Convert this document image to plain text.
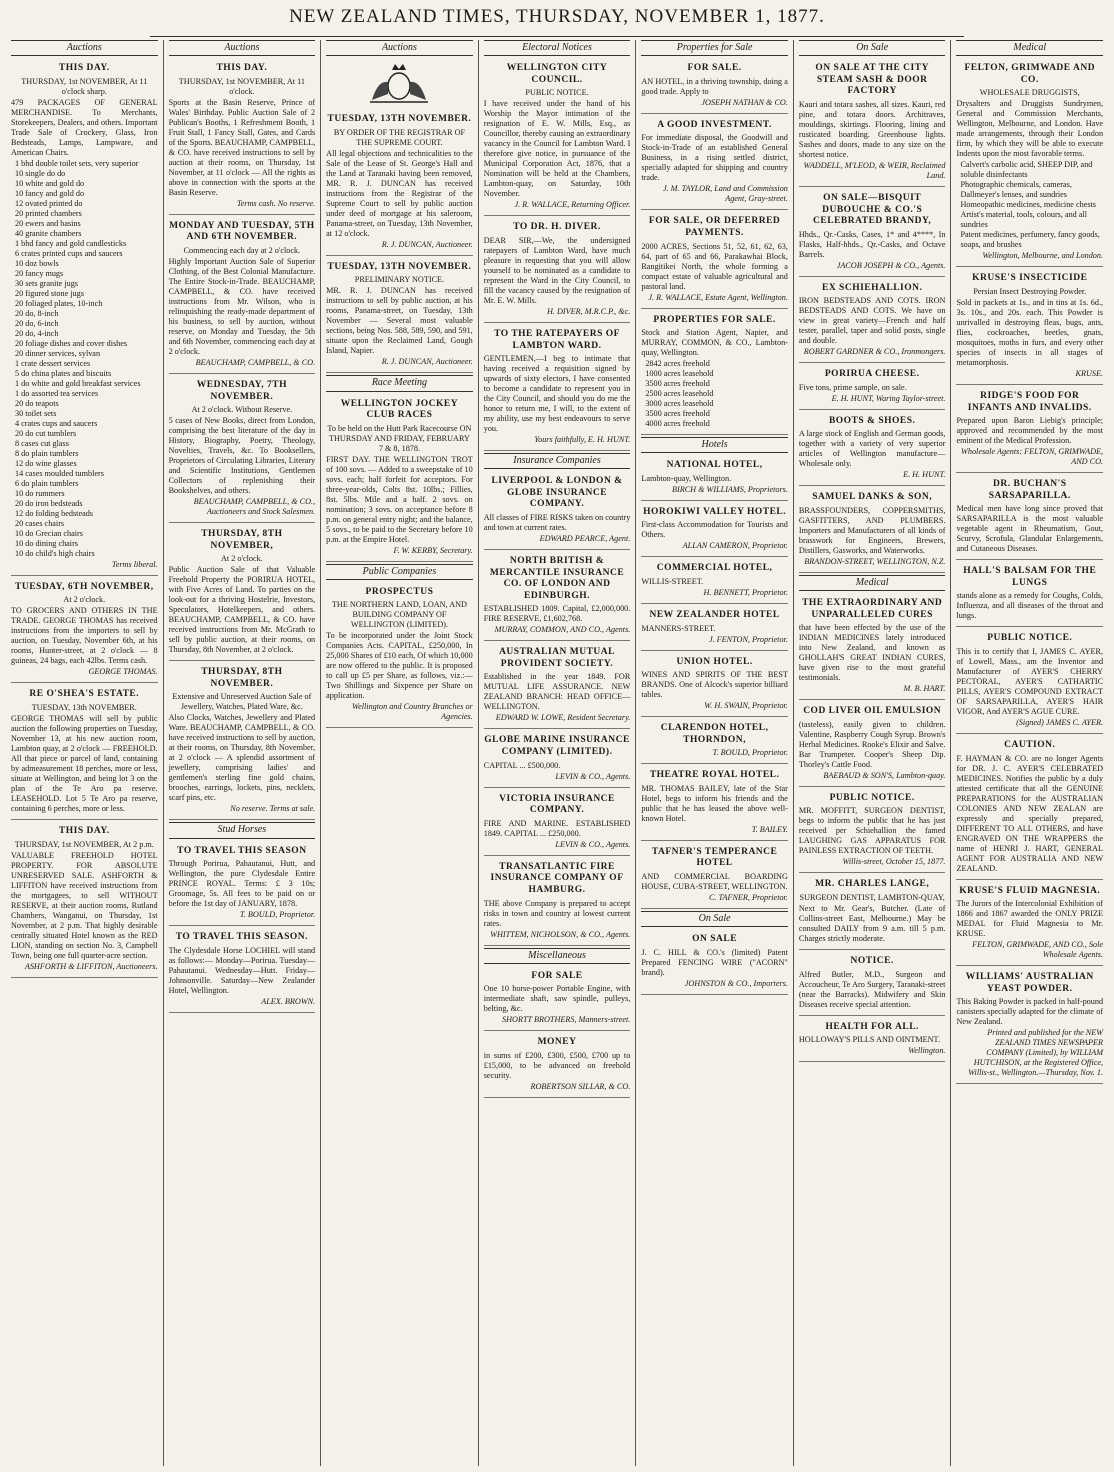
NEW ZEALAND TIMES, THURSDAY, NOVEMBER 1, 1877.
Auctions
THIS DAY.
THURSDAY, 1st NOVEMBER, At 11 o'clock sharp.
479 PACKAGES OF GENERAL MERCHANDISE. To Merchants, Storekeepers, Dealers, and others. Important Trade Sale of Crockery, Glass, Iron Bedsteads, Lamps, Lampware, and American Chairs.
1 bhd double toilet sets, very superior
10 single do do
10 white and gold do
10 fancy and gold do
12 ovated printed do
20 printed chambers
20 ewers and basins
40 granite chambers
1 bhd fancy and gold candlesticks
6 crates printed cups and saucers
10 doz bowls
20 fancy mugs
30 sets granite jugs
20 figured stone jugs
20 foliaged plates, 10-inch
20 do, 8-inch
20 do, 6-inch
20 do, 4-inch
20 foliage dishes and cover dishes
20 dinner services, sylvan
1 crate dessert services
5 do china plates and biscuits
1 do white and gold breakfast services
1 do assorted tea services
20 do teapots
30 toilet sets
4 crates cups and saucers
20 do cut tumblers
8 cases cut glass
8 do plain tumblers
12 do wine glasses
14 cases moulded tumblers
6 do plain tumblers
10 do rummers
20 do iron bedsteads
12 do folding bedsteads
20 cases chairs
10 do Grecian chairs
10 do dining chairs
10 do child's high chairs
Terms liberal.
TUESDAY, 6TH NOVEMBER,
At 2 o'clock.
TO GROCERS AND OTHERS IN THE TRADE. GEORGE THOMAS has received instructions from the importers to sell by auction, on Tuesday, November 6th, at his rooms, Hunter-street, at 2 o'clock — 8 guineas, 24 bags, each 42lbs. Terms cash.
GEORGE THOMAS.
RE O'SHEA'S ESTATE.
TUESDAY, 13th NOVEMBER.
GEORGE THOMAS will sell by public auction the following properties on Tuesday, November 13, at his new auction room, Lambton quay, at 2 o'clock — FREEHOLD. All that piece or parcel of land, containing by admeasurement 18 perches, more or less, situate at Wellington, and being lot 3 on the plan of the Te Aro pa reserve. LEASEHOLD. Lot 5 Te Aro pa reserve, containing 6 perches, more or less.
THIS DAY.
THURSDAY, 1st NOVEMBER, At 2 p.m.
VALUABLE FREEHOLD HOTEL PROPERTY. FOR ABSOLUTE UNRESERVED SALE. ASHFORTH & LIFFITON have received instructions from the mortgagees, to sell WITHOUT RESERVE, at their auction rooms, Rutland Chambers, Wanganui, on Thursday, 1st November, at 2 p.m. That highly desirable centrally situated Hotel known as the RED LION, standing on section No. 3, Campbell Town, being one full quarter-acre section.
ASHFORTH & LIFFITON, Auctioneers.
Auctions
THIS DAY.
THURSDAY, 1st NOVEMBER, At 11 o'clock.
Sports at the Basin Reserve, Prince of Wales' Birthday. Public Auction Sale of 2 Publican's Booths, 1 Refreshment Booth, 1 Fruit Stall, 1 Fancy Stall, Gates, and Cards of the Sports. BEAUCHAMP, CAMPBELL, & CO. have received instructions to sell by auction at their rooms, on Thursday, 1st November, at 11 o'clock — All the rights as above in connection with the sports at the Basin Reserve.
Terms cash. No reserve.
MONDAY AND TUESDAY, 5TH AND 6TH NOVEMBER.
Commencing each day at 2 o'clock.
Highly Important Auction Sale of Superior Clothing, of the Best Colonial Manufacture. The Entire Stock-in-Trade. BEAUCHAMP, CAMPBELL, & CO. have received instructions from Mr. Wilson, who is relinquishing the ready-made department of his business, to sell by auction, without reserve, on Monday and Tuesday, the 5th and 6th November, commencing each day at 2 o'clock.
BEAUCHAMP, CAMPBELL, & CO.
WEDNESDAY, 7TH NOVEMBER.
At 2 o'clock. Without Reserve.
5 cases of New Books, direct from London, comprising the best literature of the day in History, Biography, Poetry, Theology, Novelties, Travels, &c. To Booksellers, Proprietors of Circulating Libraries, Literary and Scientific Institutions, Gentlemen Collectors of replenishing their Bookshelves, and others.
BEAUCHAMP, CAMPBELL, & CO., Auctioneers and Stock Salesmen.
THURSDAY, 8TH NOVEMBER,
At 2 o'clock.
Public Auction Sale of that Valuable Freehold Property the PORIRUA HOTEL, with Five Acres of Land. To parties on the look-out for a thriving Hostelrie, Investors, Speculators, Hotelkeepers, and others. BEAUCHAMP, CAMPBELL, & CO. have received instructions from Mr. McGrath to sell by public auction, at their rooms, on Thursday, 8th November, at 2 o'clock.
THURSDAY, 8TH NOVEMBER.
Extensive and Unreserved Auction Sale of Jewellery, Watches, Plated Ware, &c.
Also Clocks, Watches, Jewellery and Plated Ware. BEAUCHAMP, CAMPBELL, & CO. have received instructions to sell by auction, at their rooms, on Thursday, 8th November, at 2 o'clock — A splendid assortment of jewellery, comprising ladies' and gentlemen's sterling fine gold chains, brooches, earrings, lockets, pins, necklets, scarf pins, etc.
No reserve. Terms at sale.
Stud Horses
TO TRAVEL THIS SEASON
Through Porirua, Pahautanui, Hutt, and Wellington, the pure Clydesdale Entire PRINCE ROYAL. Terms: £ 3 10s; Groomage, 5s. All fees to be paid on or before the 1st day of JANUARY, 1878.
T. BOULD, Proprietor.
TO TRAVEL THIS SEASON.
The Clydesdale Horse LOCHIEL will stand as follows:— Monday—Porirua. Tuesday—Pahautanui. Wednesday—Hutt. Friday—Johnsonville. Saturday—New Zealander Hotel, Wellington.
ALEX. BROWN.
Auctions
TUESDAY, 13TH NOVEMBER.
BY ORDER OF THE REGISTRAR OF THE SUPREME COURT.
All legal objections and technicalities to the Sale of the Lease of St. George's Hall and the Land at Taranaki having been removed, MR. R. J. DUNCAN has received instructions from the Registrar of the Supreme Court to sell by public auction under deed of mortgage at his saleroom, Panama-street, on Tuesday, 13th November, at 12 o'clock.
R. J. DUNCAN, Auctioneer.
TUESDAY, 13TH NOVEMBER.
PRELIMINARY NOTICE.
MR. R. J. DUNCAN has received instructions to sell by public auction, at his rooms, Panama-street, on Tuesday, 13th November — Several most valuable sections, being Nos. 588, 589, 590, and 591, situate upon the Reclaimed Land, Gough Island, Napier.
R. J. DUNCAN, Auctioneer.
Race Meeting
WELLINGTON JOCKEY CLUB RACES
To be held on the Hutt Park Racecourse ON THURSDAY AND FRIDAY, FEBRUARY 7 & 8, 1878.
FIRST DAY. THE WELLINGTON TROT of 100 sovs. — Added to a sweepstake of 10 sovs. each; half forfeit for acceptors. For three-year-olds, Colts 8st. 10lbs.; Fillies, 8st. 5lbs. Mile and a half. 2 sovs. on nomination; 3 sovs. on acceptance before 8 p.m. on general entry night; and the balance, 5 sovs., to be paid to the Secretary before 10 p.m. at the Empire Hotel.
F. W. KERBY, Secretary.
Public Companies
PROSPECTUS
THE NORTHERN LAND, LOAN, AND BUILDING COMPANY OF WELLINGTON (LIMITED).
To be incorporated under the Joint Stock Companies Acts. CAPITAL, £250,000, In 25,000 Shares of £10 each, Of which 10,000 are now offered to the public. It is proposed to call up £5 per Share, as follows, viz.:—Two Shillings and Sixpence per Share on application.
Wellington and Country Branches or Agencies.
Electoral Notices
WELLINGTON CITY COUNCIL.
PUBLIC NOTICE.
I have received under the hand of his Worship the Mayor intimation of the resignation of E. W. Mills, Esq., as Councillor, thereby causing an extraordinary vacancy in the Council for Lambton Ward. I therefore give notice, in pursuance of the Municipal Corporation Act, 1876, that a Nomination will be held at the Chambers, Lambton-quay, on Saturday, 10th November.
J. R. WALLACE, Returning Officer.
TO DR. H. DIVER.
DEAR SIR,—We, the undersigned ratepayers of Lambton Ward, have much pleasure in requesting that you will allow yourself to be nominated as a candidate to represent the Ward in the City Council, to fill the vacancy caused by the resignation of Mr. E. W. Mills.
H. DIVER, M.R.C.P., &c.
TO THE RATEPAYERS OF LAMBTON WARD.
GENTLEMEN,—I beg to intimate that having received a requisition signed by upwards of sixty electors, I have consented to become a candidate to represent you in the City Council, and should you do me the honor to return me, I will, to the extent of my ability, use my best endeavours to serve you.
Yours faithfully, E. H. HUNT.
Insurance Companies
LIVERPOOL & LONDON & GLOBE INSURANCE COMPANY.
All classes of FIRE RISKS taken on country and town at current rates.
EDWARD PEARCE, Agent.
NORTH BRITISH & MERCANTILE INSURANCE CO. OF LONDON AND EDINBURGH.
ESTABLISHED 1809. Capital, £2,000,000. FIRE RESERVE, £1,602,768.
MURRAY, COMMON, AND CO., Agents.
AUSTRALIAN MUTUAL PROVIDENT SOCIETY.
Established in the year 1849. FOR MUTUAL LIFE ASSURANCE. NEW ZEALAND BRANCH: HEAD OFFICE—WELLINGTON.
EDWARD W. LOWE, Resident Secretary.
GLOBE MARINE INSURANCE COMPANY (LIMITED).
CAPITAL ... £500,000.
LEVIN & CO., Agents.
VICTORIA INSURANCE COMPANY.
FIRE AND MARINE. ESTABLISHED 1849. CAPITAL ... £250,000.
LEVIN & CO., Agents.
TRANSATLANTIC FIRE INSURANCE COMPANY OF HAMBURG.
THE above Company is prepared to accept risks in town and country at lowest current rates.
WHITTEM, NICHOLSON, & CO., Agents.
Miscellaneous
FOR SALE
One 10 horse-power Portable Engine, with intermediate shaft, saw spindle, pulleys, belting, &c.
SHORTT BROTHERS, Manners-street.
MONEY
in sums of £200, £300, £500, £700 up to £15,000, to be advanced on freehold security.
ROBERTSON SILLAR, & CO.
Properties for Sale
FOR SALE.
AN HOTEL, in a thriving township, doing a good trade. Apply to
JOSEPH NATHAN & CO.
A GOOD INVESTMENT.
For immediate disposal, the Goodwill and Stock-in-Trade of an established General Business, in a rising settled district, specially adapted for shipping and country trade.
J. M. TAYLOR, Land and Commission Agent, Gray-street.
FOR SALE, OR DEFERRED PAYMENTS.
2000 ACRES, Sections 51, 52, 61, 62, 63, 64, part of 65 and 66, Parakawhai Block, Rangitikei North, the whole forming a compact estate of valuable agricultural and pastoral land.
J. R. WALLACE, Estate Agent, Wellington.
PROPERTIES FOR SALE.
Stock and Station Agent, Napier, and MURRAY, COMMON, & CO., Lambton-quay, Wellington.
2842 acres freehold
1000 acres leasehold
3500 acres freehold
2500 acres leasehold
3000 acres leasehold
3500 acres freehold
4000 acres freehold
Hotels
NATIONAL HOTEL,
Lambton-quay, Wellington.
BIRCH & WILLIAMS, Proprietors.
HOROKIWI VALLEY HOTEL.
First-class Accommodation for Tourists and Others.
ALLAN CAMERON, Proprietor.
COMMERCIAL HOTEL,
WILLIS-STREET.
H. BENNETT, Proprietor.
NEW ZEALANDER HOTEL
MANNERS-STREET.
J. FENTON, Proprietor.
UNION HOTEL.
WINES AND SPIRITS OF THE BEST BRANDS. One of Alcock's superior billiard tables.
W. H. SWAIN, Proprietor.
CLARENDON HOTEL, THORNDON,
T. BOULD, Proprietor.
THEATRE ROYAL HOTEL.
MR. THOMAS BAILEY, late of the Star Hotel, begs to inform his friends and the public that he has leased the above well-known Hotel.
T. BAILEY.
TAFNER'S TEMPERANCE HOTEL
AND COMMERCIAL BOARDING HOUSE, CUBA-STREET, WELLINGTON.
C. TAFNER, Proprietor.
On Sale
ON SALE
J. C. HILL & CO.'s (limited) Patent Prepared FENCING WIRE ("ACORN" brand).
JOHNSTON & CO., Importers.
On Sale
ON SALE AT THE CITY STEAM SASH & DOOR FACTORY
Kauri and totara sashes, all sizes. Kauri, red pine, and totara doors. Architraves, mouldings, skirtings. Flooring, lining and rusticated boarding. Greenhouse lights. Sashes and doors, made to any size on the shortest notice.
WADDELL, M'LEOD, & WEIR, Reclaimed Land.
ON SALE—BISQUIT DUBOUCHE & CO.'S CELEBRATED BRANDY,
Hhds., Qr.-Casks, Cases, 1* and 4****, In Flasks, Half-hhds., Qr.-Casks, and Octave Barrels.
JACOB JOSEPH & CO., Agents.
EX SCHIEHALLION.
IRON BEDSTEADS AND COTS. IRON BEDSTEADS AND COTS. We have on view in great variety—French and half tester, parallel, taper and solid posts, single and double.
ROBERT GARDNER & CO., Ironmongers.
PORIRUA CHEESE.
Five tons, prime sample, on sale.
E. H. HUNT, Waring Taylor-street.
BOOTS & SHOES.
A large stock of English and German goods, together with a variety of very superior articles of Wellington manufacture—Wholesale only.
E. H. HUNT.
SAMUEL DANKS & SON,
BRASSFOUNDERS, COPPERSMITHS, GASFITTERS, AND PLUMBERS. Importers and Manufacturers of all kinds of brasswork for Engineers, Brewers, Distillers, Gasworks, and Waterworks.
BRANDON-STREET, WELLINGTON, N.Z.
Medical
THE EXTRAORDINARY AND UNPARALLELED CURES
that have been effected by the use of the INDIAN MEDICINES lately introduced into New Zealand, and known as GHOLLAH'S GREAT INDIAN CURES, have given rise to the most grateful testimonials.
M. B. HART.
COD LIVER OIL EMULSION
(tasteless), easily given to children. Valentine, Raspberry Cough Syrup. Brown's Herbal Medicines. Rooke's Elixir and Salve. Bar Trumpeter. Cooper's Sheep Dip. Thorley's Cattle Food.
BAEBAUD & SON'S, Lambton-quay.
PUBLIC NOTICE.
MR. MOFFITT, SURGEON DENTIST, begs to inform the public that he has just received per Schiehallion the famed LAUGHING GAS APPARATUS FOR PAINLESS EXTRACTION OF TEETH.
Willis-street, October 15, 1877.
MR. CHARLES LANGE,
SURGEON DENTIST, LAMBTON-QUAY,
Next to Mr. Gear's, Butcher. (Late of Collins-street East, Melbourne.) May be consulted DAILY from 9 a.m. till 5 p.m. Charges strictly moderate.
NOTICE.
Alfred Butler, M.D., Surgeon and Accoucheur, Te Aro Surgery, Taranaki-street (near the Barracks). Midwifery and Skin Diseases receive special attention.
HEALTH FOR ALL.
HOLLOWAY'S PILLS AND OINTMENT.
Wellington.
Medical
FELTON, GRIMWADE AND CO.
WHOLESALE DRUGGISTS,
Drysalters and Druggists Sundrymen, General and Commission Merchants, Wellington, Melbourne, and London. Have made arrangements, through their London firm, by which they will be able to execute Indents upon the most favorable terms.
Calvert's carbolic acid, SHEEP DIP, and soluble disinfectants
Photographic chemicals, cameras, Dallmeyer's lenses, and sundries
Homeopathic medicines, medicine chests
Artist's material, tools, colours, and all sundries
Patent medicines, perfumery, fancy goods, soaps, and brushes
Wellington, Melbourne, and London.
KRUSE'S INSECTICIDE
Persian Insect Destroying Powder.
Sold in packets at 1s., and in tins at 1s. 6d., 3s. 10s., and 20s. each. This Powder is unrivalled in destroying fleas, bugs, ants, flies, cockroaches, beetles, gnats, mosquitoes, moths in furs, and every other species of insects in all stages of metamorphosis.
KRUSE.
RIDGE'S FOOD FOR INFANTS AND INVALIDS.
Prepared upon Baron Liebig's principle; approved and recommended by the most eminent of the Medical Profession.
Wholesale Agents: FELTON, GRIMWADE, AND CO.
DR. BUCHAN'S SARSAPARILLA.
Medical men have long since proved that SARSAPARILLA is the most valuable vegetable agent in Rheumatism, Gout, Scurvy, Scrofula, Glandular Enlargements, and Cutaneous Diseases.
HALL'S BALSAM FOR THE LUNGS
stands alone as a remedy for Coughs, Colds, Influenza, and all diseases of the throat and lungs.
PUBLIC NOTICE.
This is to certify that I, JAMES C. AYER, of Lowell, Mass., am the Inventor and Manufacturer of AYER'S CHERRY PECTORAL, AYER'S CATHARTIC PILLS, AYER'S COMPOUND EXTRACT OF SARSAPARILLA, AYER'S HAIR VIGOR, And AYER'S AGUE CURE.
(Signed) JAMES C. AYER.
CAUTION.
F. HAYMAN & CO. are no longer Agents for DR. J. C. AYER'S CELEBRATED MEDICINES. Notifies the public by a duly attested certificate that all the GENUINE PREPARATIONS for the AUSTRALIAN COLONIES AND NEW ZEALAN are expressly and specially prepared, DIFFERENT TO ALL OTHERS, and have ENGRAVED ON THE WRAPPERS the name of HENRI J. HART, GENERAL AGENT FOR AUSTRALIA AND NEW ZEALAND.
KRUSE'S FLUID MAGNESIA.
The Jurors of the Intercolonial Exhibition of 1866 and 1867 awarded the ONLY PRIZE MEDAL for Fluid Magnesia to Mr. KRUSE.
FELTON, GRIMWADE, AND CO., Sole Wholesale Agents.
WILLIAMS' AUSTRALIAN YEAST POWDER.
This Baking Powder is packed in half-pound canisters specially adapted for the climate of New Zealand.
Printed and published for the NEW ZEALAND TIMES NEWSPAPER COMPANY (Limited), by WILLIAM HUTCHISON, at the Registered Office, Willis-st., Wellington.—Thursday, Nov. 1.
